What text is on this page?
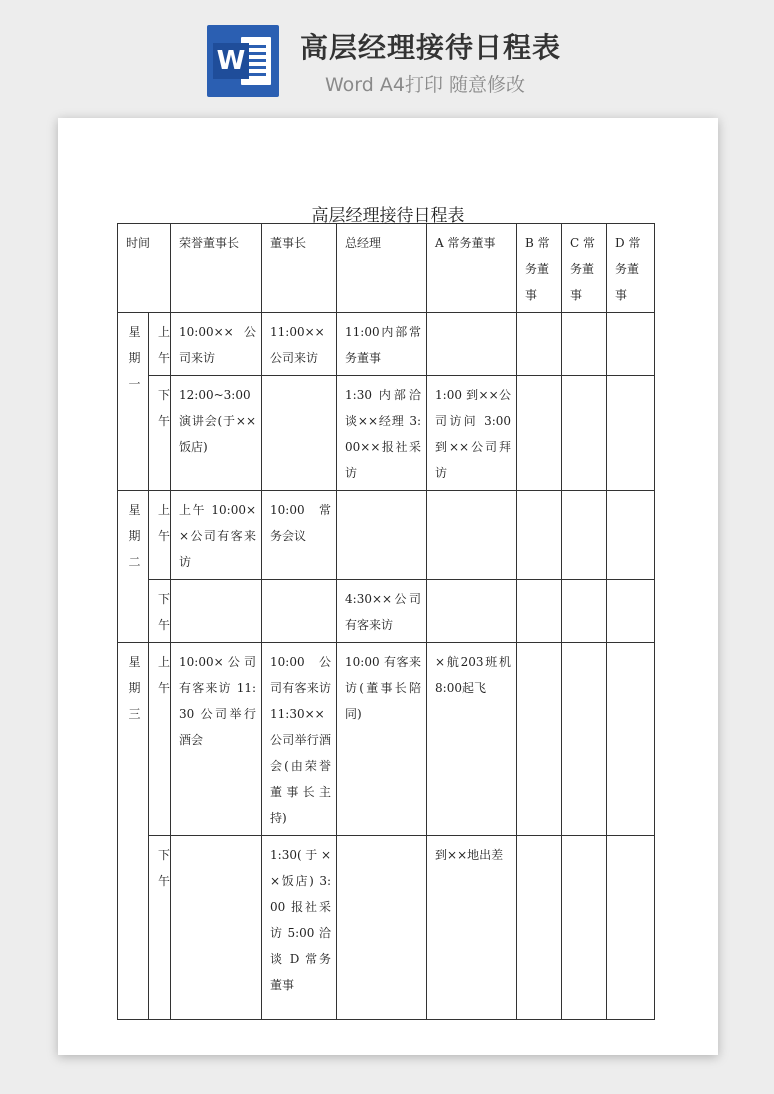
W 高层经理接待日程表
Word A4打印 随意修改
高层经理接待日程表
时间		荣誉董事长	董事长	总经理	A 常务董事	B 常务董事	C 常务董事	D 常务董事

星期一	上午	10:00××公司来访	11:00××公司来访	11:00内部常务董事				

	下午	12:00~3:00演讲会(于××饭店)		1:30 内部洽谈××经理 3:00××报社采访	1:00 到××公司访问 3:00 到××公司拜访			

星期二	上午	上午 10:00××公司有客来访	10:00 常务会议					

	下午			4:30××公司有客来访				

星期三	上午	10:00×公司有客来访 11:30 公司举行酒会	10:00 公司有客来访 11:30××公司举行酒会(由荣誉董事长主持)	10:00 有客来访(董事长陪同)	×航203班机 8:00起飞			

	下午		1:30(于××饭店) 3:00 报社采访 5:00 洽谈 D 常务董事		到××地出差			
